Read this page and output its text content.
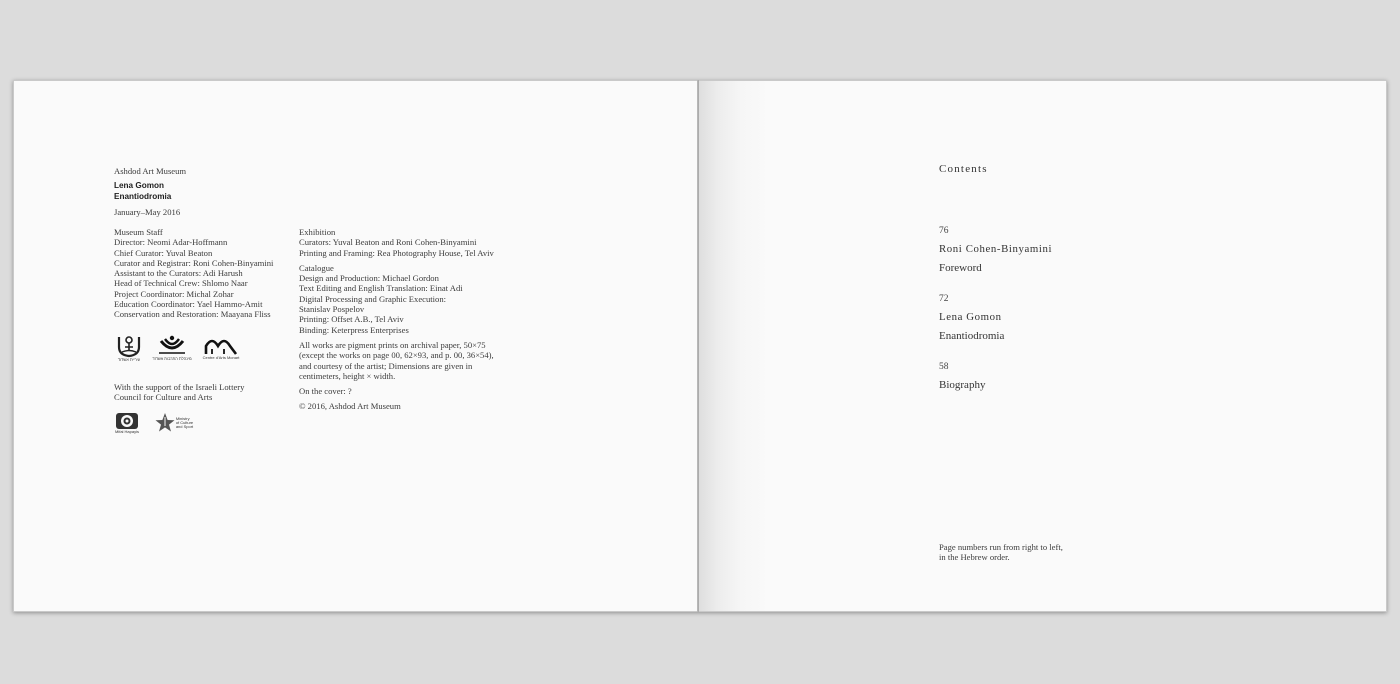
Ashdod Art Museum
Lena Gomon
Enantiodromia
January–May 2016
Museum Staff
Director: Neomi Adar-Hoffmann
Chief Curator: Yuval Beaton
Curator and Registrar: Roni Cohen-Binyamini
Assistant to the Curators: Adi Harush
Head of Technical Crew: Shlomo Naar
Project Coordinator: Michal Zohar
Education Coordinator: Yael Hammo-Amit
Conservation and Restoration: Maayana Fliss
Exhibition
Curators: Yuval Beaton and Roni Cohen-Binyamini
Printing and Framing: Rea Photography House, Tel Aviv
Catalogue
Design and Production: Michael Gordon
Text Editing and English Translation: Einat Adi
Digital Processing and Graphic Execution:
Stanislav Pospelov
Printing: Offset A.B., Tel Aviv
Binding: Keterpress Enterprises
All works are pigment prints on archival paper, 50×75
(except the works on page 00, 62×93, and p. 00, 36×54),
and courtesy of the artist; Dimensions are given in
centimeters, height × width.
On the cover: ?
© 2016, Ashdod Art Museum
עיריית אשדוד	מינהלת התרבות אשדוד	Centre d'Arts Monart
With the support of the Israeli Lottery
Council for Culture and Arts
Mifal Hapayis
Ministry
of Culture
and Sport
Contents
76
Roni Cohen-Binyamini
Foreword
72
Lena Gomon
Enantiodromia
58
Biography
Page numbers run from right to left,
in the Hebrew order.
